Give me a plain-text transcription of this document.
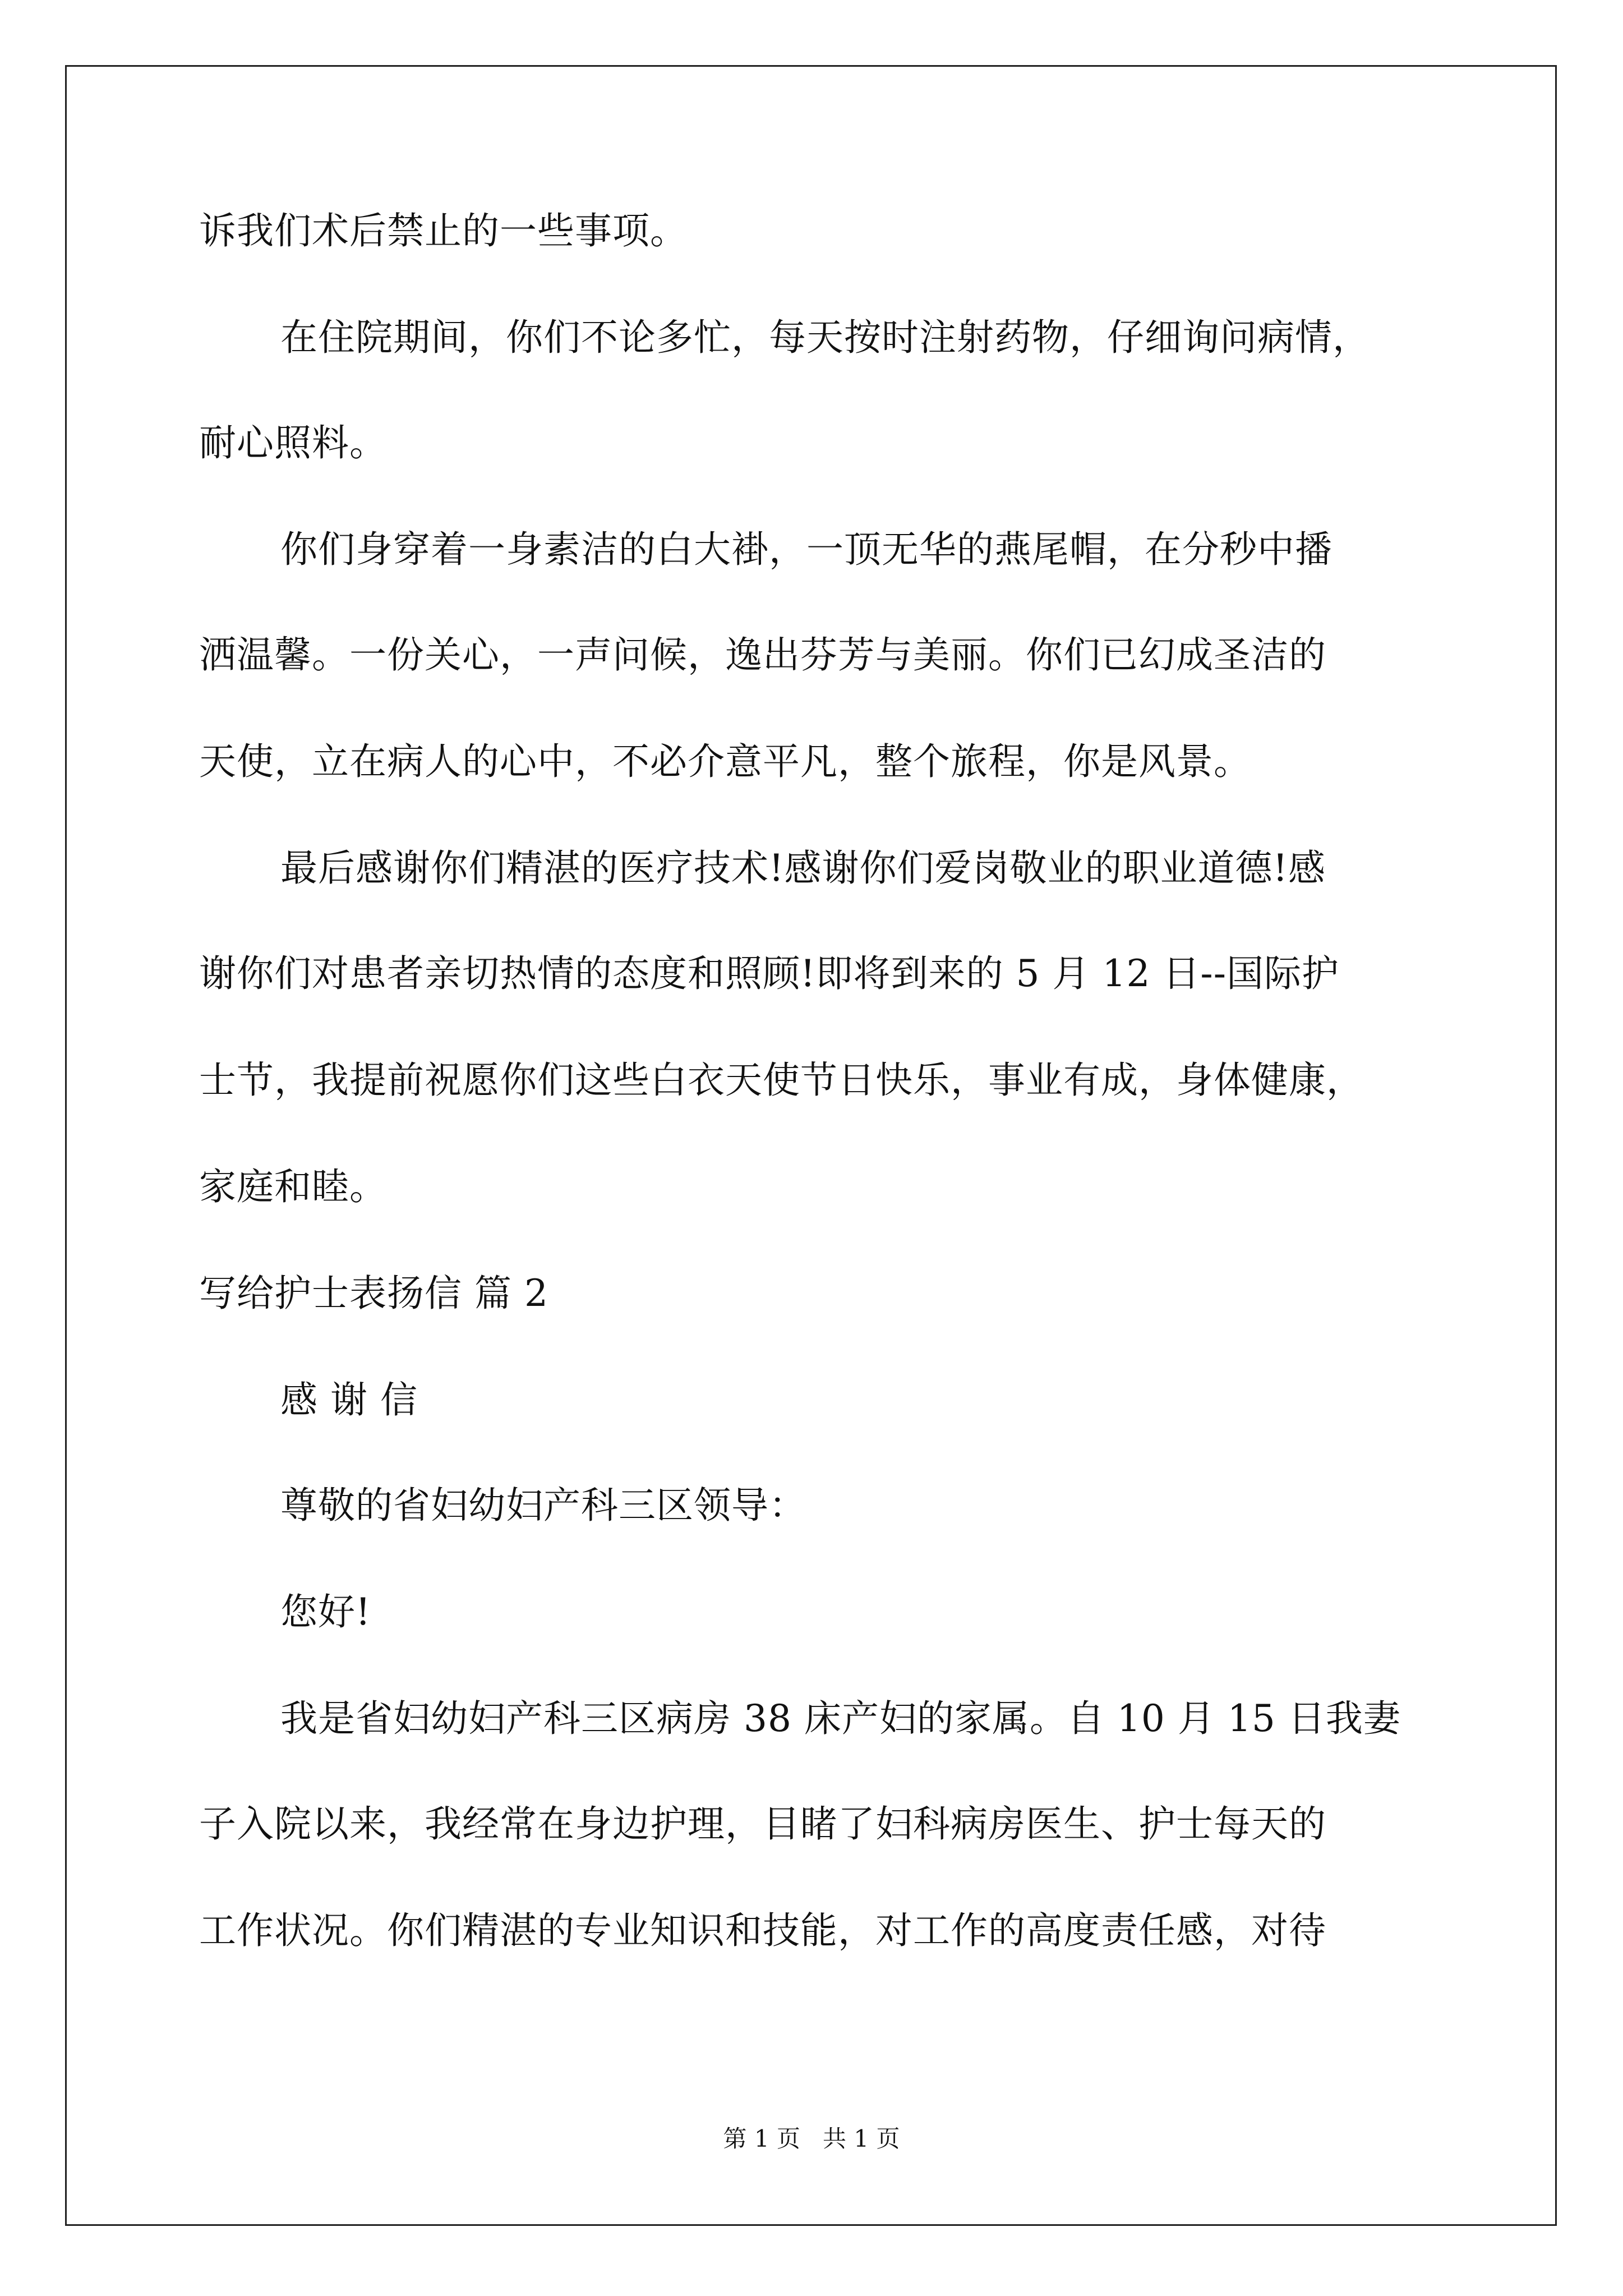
诉我们术后禁止的一些事项。
在住院期间，你们不论多忙，每天按时注射药物，仔细询问病情，
耐心照料。
你们身穿着一身素洁的白大褂，一顶无华的燕尾帽，在分秒中播
洒温馨。一份关心，一声问候，逸出芬芳与美丽。你们已幻成圣洁的
天使，立在病人的心中，不必介意平凡，整个旅程，你是风景。
最后感谢你们精湛的医疗技术!感谢你们爱岗敬业的职业道德!感
谢你们对患者亲切热情的态度和照顾!即将到来的 5 月 12 日--国际护
士节，我提前祝愿你们这些白衣天使节日快乐，事业有成，身体健康，
家庭和睦。
写给护士表扬信 篇 2
感 谢 信
尊敬的省妇幼妇产科三区领导：
您好!
我是省妇幼妇产科三区病房 38 床产妇的家属。自 10 月 15 日我妻
子入院以来，我经常在身边护理，目睹了妇科病房医生、护士每天的
工作状况。你们精湛的专业知识和技能，对工作的高度责任感，对待
第 1 页   共 1 页
